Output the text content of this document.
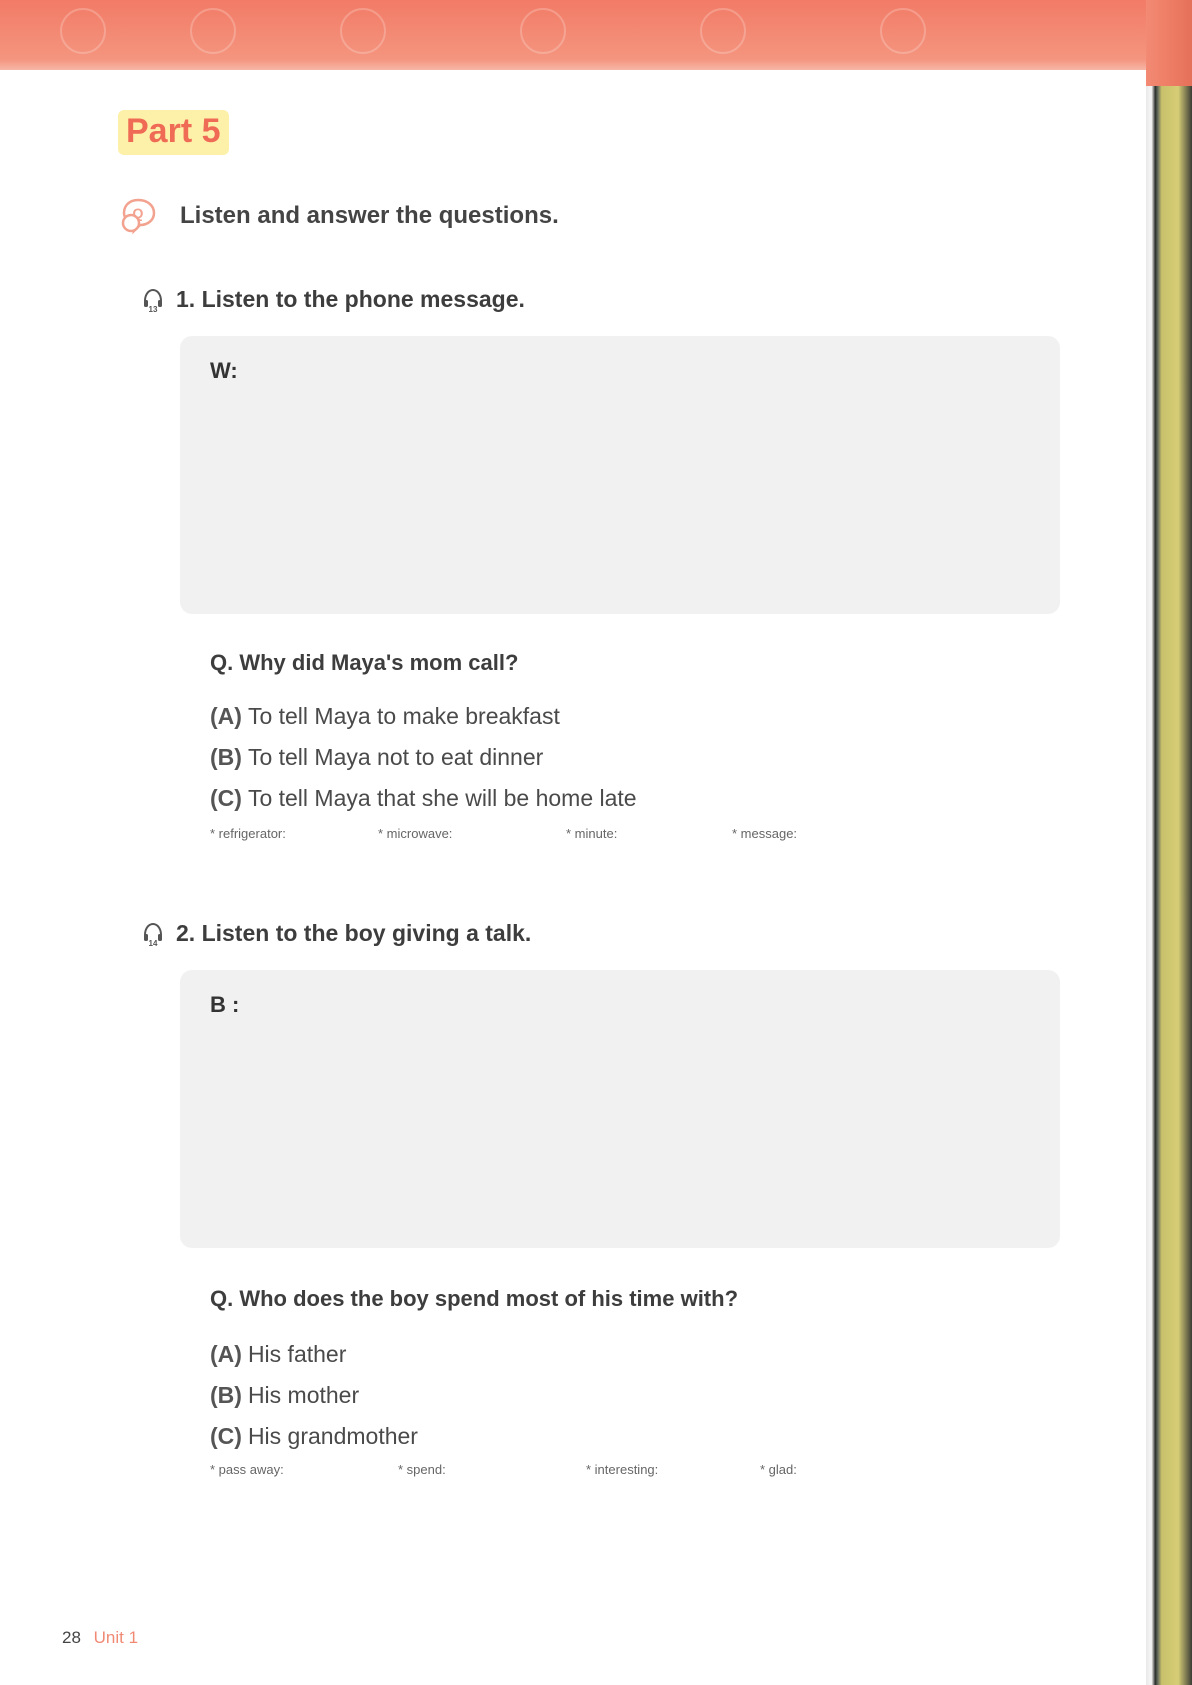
Part 5
Q Listen and answer the questions.
13 1. Listen to the phone message.
W:
Q. Why did Maya's mom call?
(A) To tell Maya to make breakfast
(B) To tell Maya not to eat dinner
(C) To tell Maya that she will be home late
* refrigerator:	* microwave:	* minute:	* message:
14 2. Listen to the boy giving a talk.
B :
Q. Who does the boy spend most of his time with?
(A) His father
(B) His mother
(C) His grandmother
* pass away:	* spend:	* interesting:	* glad:
28 Unit 1
